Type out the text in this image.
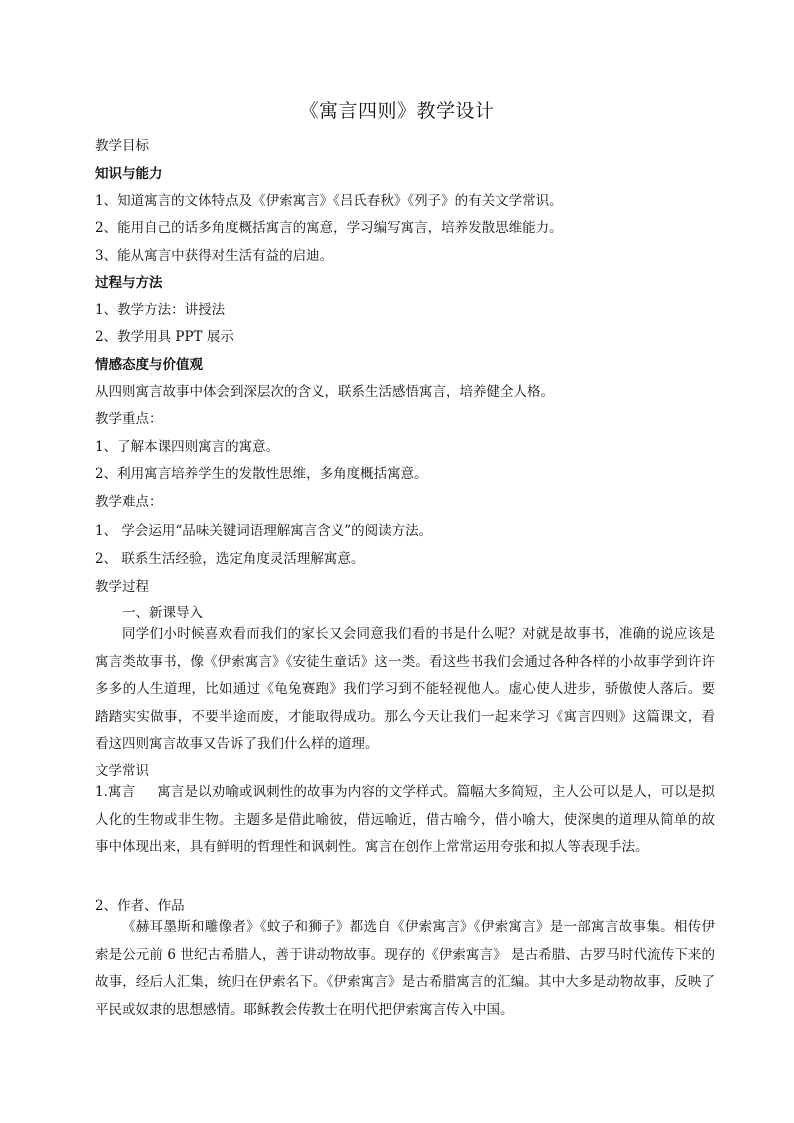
《寓言四则》教学设计
教学目标
知识与能力
1、知道寓言的文体特点及《伊索寓言》《吕氏春秋》《列子》的有关文学常识。
2、能用自己的话多角度概括寓言的寓意，学习编写寓言，培养发散思维能力。
3、能从寓言中获得对生活有益的启迪。
过程与方法
1、教学方法：讲授法
2、教学用具 PPT 展示
情感态度与价值观
从四则寓言故事中体会到深层次的含义，联系生活感悟寓言，培养健全人格。
教学重点：
1、了解本课四则寓言的寓意。
2、利用寓言培养学生的发散性思维，多角度概括寓意。
教学难点：
1、 学会运用“品味关键词语理解寓言含义”的阅读方法。
2、 联系生活经验，选定角度灵活理解寓意。
教学过程
一、新课导入
同学们小时候喜欢看而我们的家长又会同意我们看的书是什么呢？对就是故事书，准确的说应该是寓言类故事书，像《伊索寓言》《安徒生童话》这一类。看这些书我们会通过各种各样的小故事学到许许多多的人生道理，比如通过《龟兔赛跑》我们学习到不能轻视他人。虚心使人进步，骄傲使人落后。要踏踏实实做事，不要半途而废，才能取得成功。那么今天让我们一起来学习《寓言四则》这篇课文，看看这四则寓言故事又告诉了我们什么样的道理。
文学常识
1.寓言 寓言是以劝喻或讽刺性的故事为内容的文学样式。篇幅大多简短，主人公可以是人，可以是拟人化的生物或非生物。主题多是借此喻彼，借远喻近，借古喻今，借小喻大，使深奥的道理从简单的故事中体现出来，具有鲜明的哲理性和讽刺性。寓言在创作上常常运用夸张和拟人等表现手法。
2、作者、作品
《赫耳墨斯和雕像者》《蚊子和狮子》都选自《伊索寓言》《伊索寓言》是一部寓言故事集。相传伊索是公元前 6 世纪古希腊人，善于讲动物故事。现存的《伊索寓言》 是古希腊、古罗马时代流传下来的故事，经后人汇集，统归在伊索名下。《伊索寓言》是古希腊寓言的汇编。其中大多是动物故事，反映了平民或奴隶的思想感情。耶稣教会传教士在明代把伊索寓言传入中国。
